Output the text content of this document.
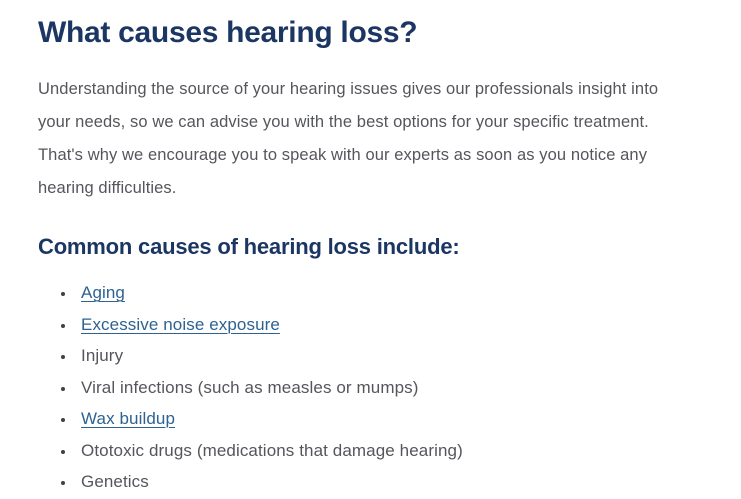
What causes hearing loss?
Understanding the source of your hearing issues gives our professionals insight into
your needs, so we can advise you with the best options for your specific treatment.
That's why we encourage you to speak with our experts as soon as you notice any
hearing difficulties.
Common causes of hearing loss include:
• Aging
• Excessive noise exposure
• Injury
• Viral infections (such as measles or mumps)
• Wax buildup
• Ototoxic drugs (medications that damage hearing)
• Genetics
